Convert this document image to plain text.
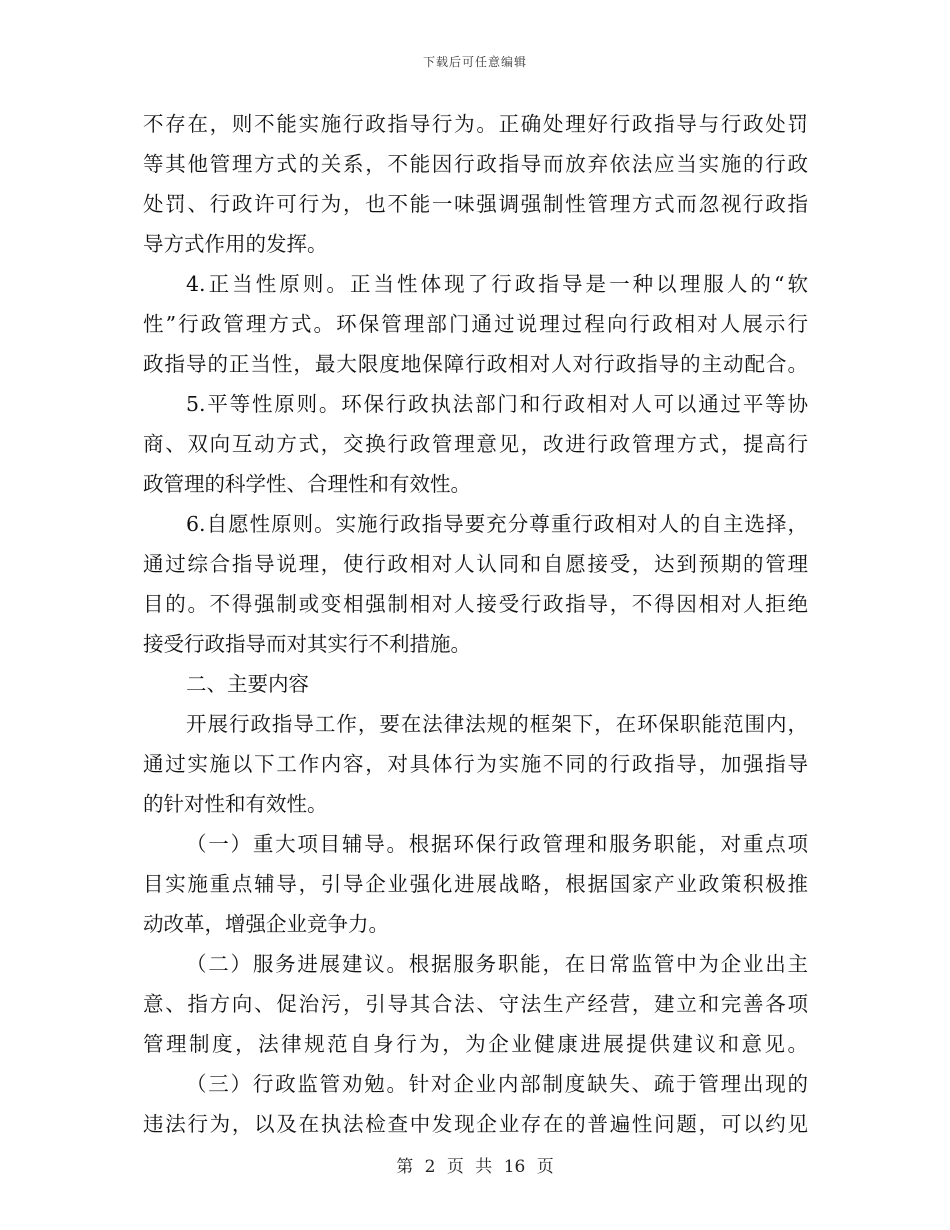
下载后可任意编辑
不存在，则不能实施行政指导行为。正确处理好行政指导与行政处罚
等其他管理方式的关系，不能因行政指导而放弃依法应当实施的行政
处罚、行政许可行为，也不能一味强调强制性管理方式而忽视行政指
导方式作用的发挥。
4.正当性原则。正当性体现了行政指导是一种以理服人的“软
性”行政管理方式。环保管理部门通过说理过程向行政相对人展示行
政指导的正当性，最大限度地保障行政相对人对行政指导的主动配合。
5.平等性原则。环保行政执法部门和行政相对人可以通过平等协
商、双向互动方式，交换行政管理意见，改进行政管理方式，提高行
政管理的科学性、合理性和有效性。
6.自愿性原则。实施行政指导要充分尊重行政相对人的自主选择，
通过综合指导说理，使行政相对人认同和自愿接受，达到预期的管理
目的。不得强制或变相强制相对人接受行政指导，不得因相对人拒绝
接受行政指导而对其实行不利措施。
二、主要内容
开展行政指导工作，要在法律法规的框架下，在环保职能范围内，
通过实施以下工作内容，对具体行为实施不同的行政指导，加强指导
的针对性和有效性。
（一）重大项目辅导。根据环保行政管理和服务职能，对重点项
目实施重点辅导，引导企业强化进展战略，根据国家产业政策积极推
动改革，增强企业竞争力。
（二）服务进展建议。根据服务职能，在日常监管中为企业出主
意、指方向、促治污，引导其合法、守法生产经营，建立和完善各项
管理制度，法律规范自身行为，为企业健康进展提供建议和意见。
（三）行政监管劝勉。针对企业内部制度缺失、疏于管理出现的
违法行为，以及在执法检查中发现企业存在的普遍性问题，可以约见
第 2 页 共 16 页
